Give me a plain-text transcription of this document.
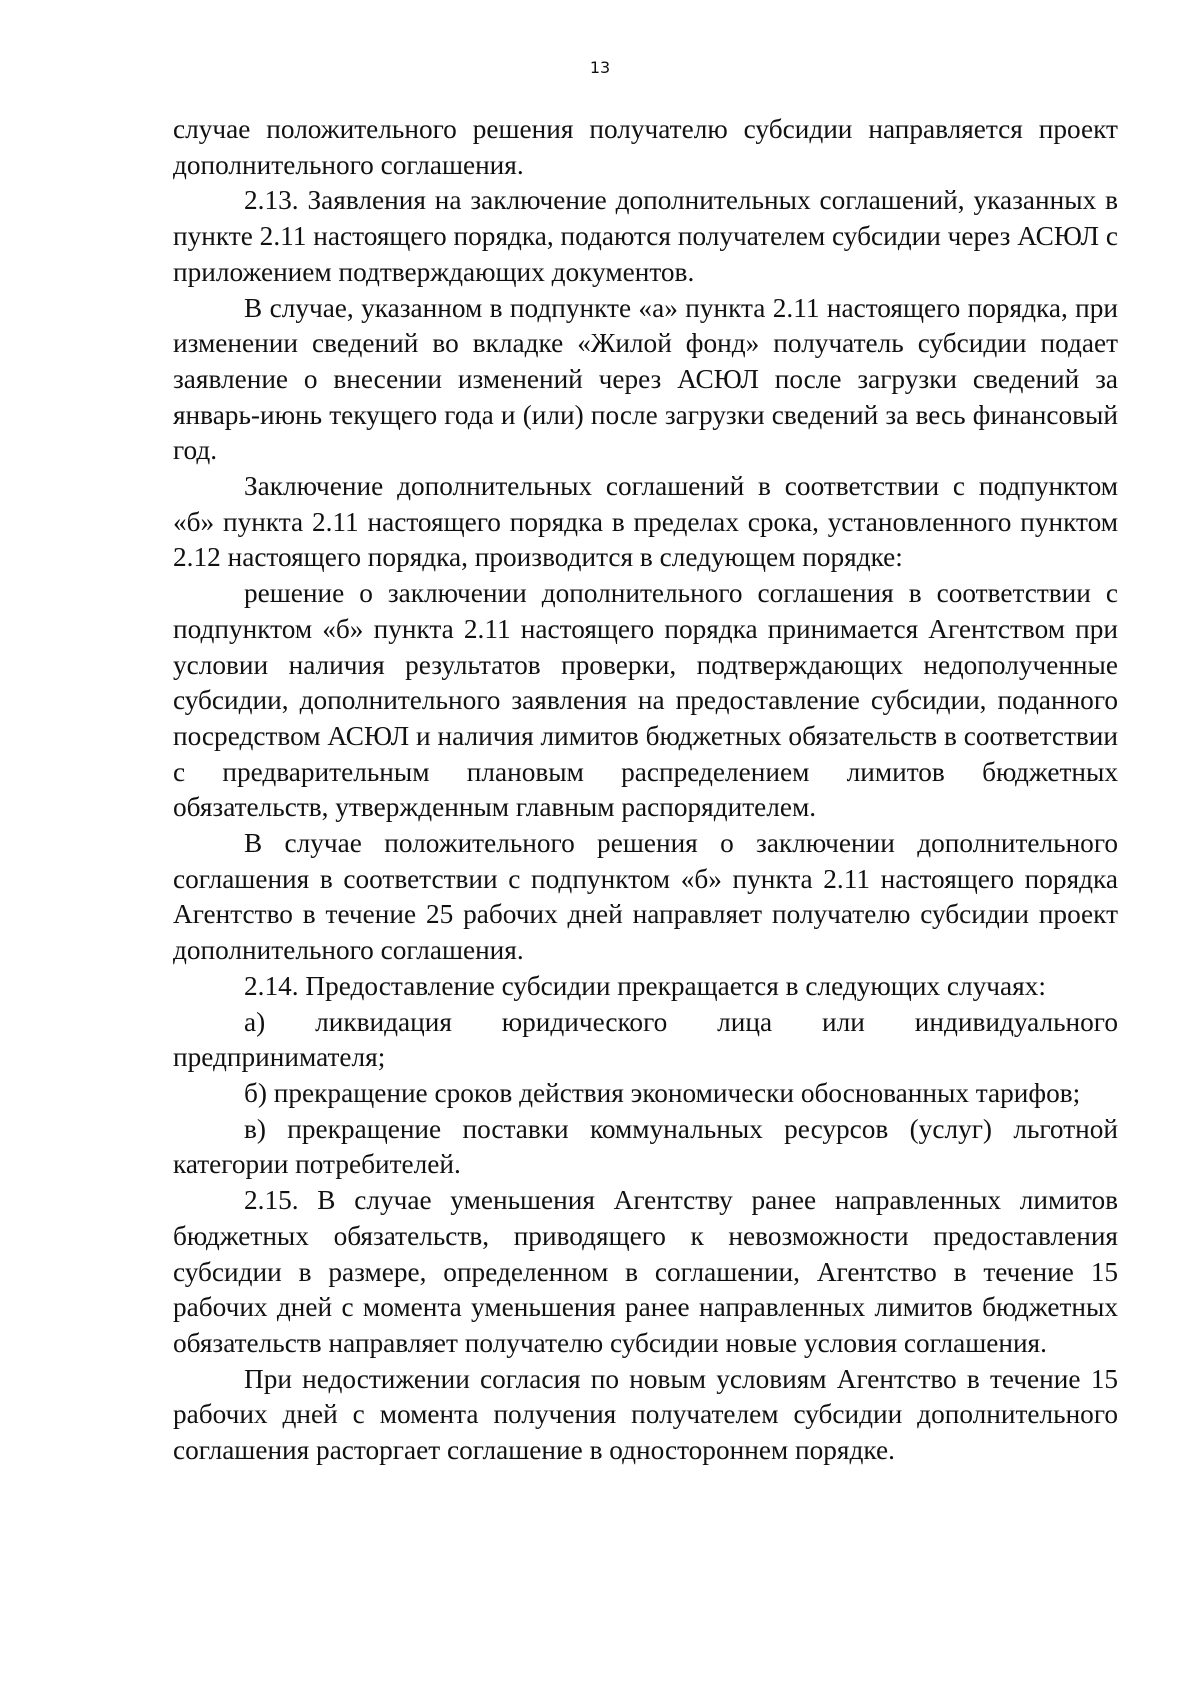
13

случае положительного решения получателю субсидии направляется проект дополнительного соглашения.

2.13. Заявления на заключение дополнительных соглашений, указанных в пункте 2.11 настоящего порядка, подаются получателем субсидии через АСЮЛ с приложением подтверждающих документов.

В случае, указанном в подпункте «а» пункта 2.11 настоящего порядка, при изменении сведений во вкладке «Жилой фонд» получатель субсидии подает заявление о внесении изменений через АСЮЛ после загрузки сведений за январь-июнь текущего года и (или) после загрузки сведений за весь финансовый год.

Заключение дополнительных соглашений в соответствии с подпунктом «б» пункта 2.11 настоящего порядка в пределах срока, установленного пунктом 2.12 настоящего порядка, производится в следующем порядке:

решение о заключении дополнительного соглашения в соответствии с подпунктом «б» пункта 2.11 настоящего порядка принимается Агентством при условии наличия результатов проверки, подтверждающих недополученные субсидии, дополнительного заявления на предоставление субсидии, поданного посредством АСЮЛ и наличия лимитов бюджетных обязательств в соответствии с предварительным плановым распределением лимитов бюджетных обязательств, утвержденным главным распорядителем.

В случае положительного решения о заключении дополнительного соглашения в соответствии с подпунктом «б» пункта 2.11 настоящего порядка Агентство в течение 25 рабочих дней направляет получателю субсидии проект дополнительного соглашения.

2.14. Предоставление субсидии прекращается в следующих случаях:

а) ликвидация юридического лица или индивидуального

предпринимателя;

б) прекращение сроков действия экономически обоснованных тарифов;

в) прекращение поставки коммунальных ресурсов (услуг) льготной категории потребителей.

2.15. В случае уменьшения Агентству ранее направленных лимитов бюджетных обязательств, приводящего к невозможности предоставления субсидии в размере, определенном в соглашении, Агентство в течение 15 рабочих дней с момента уменьшения ранее направленных лимитов бюджетных обязательств направляет получателю субсидии новые условия соглашения.

При недостижении согласия по новым условиям Агентство в течение 15 рабочих дней с момента получения получателем субсидии дополнительного соглашения расторгает соглашение в одностороннем порядке.
